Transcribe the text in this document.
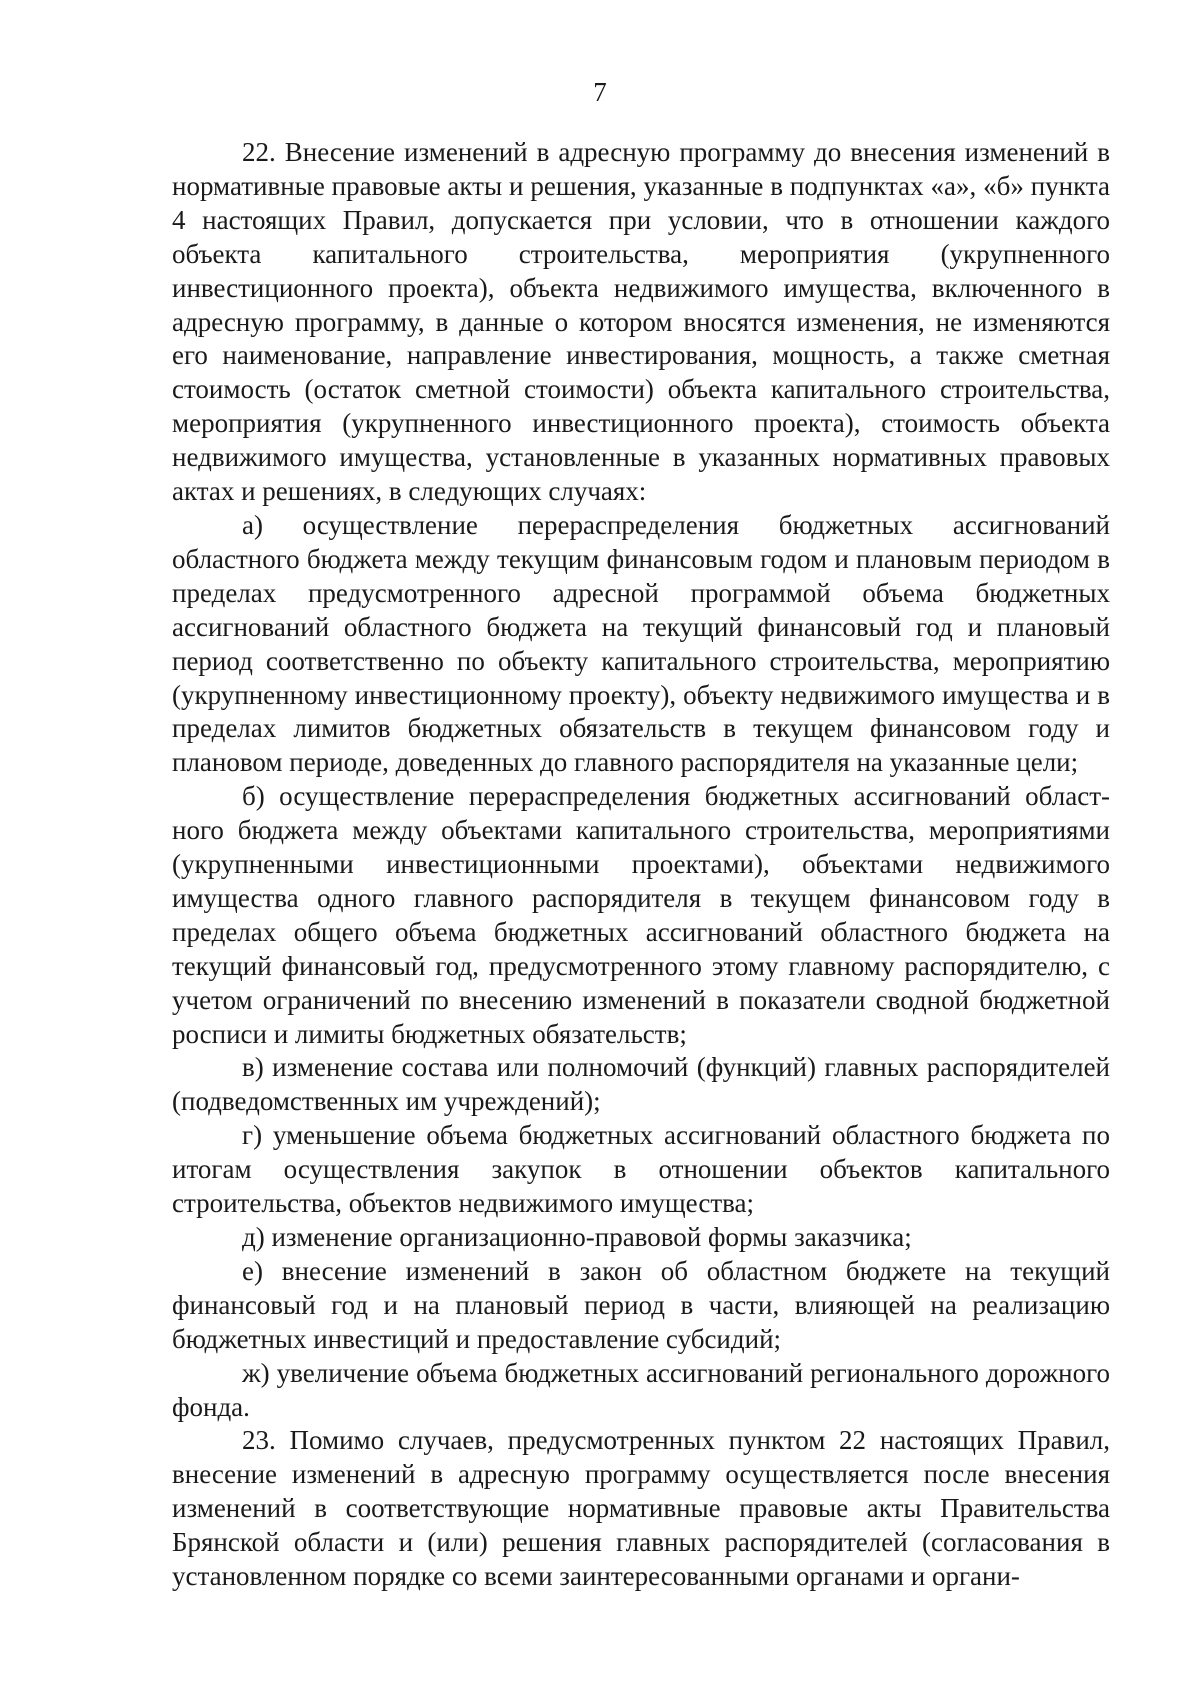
7

22. Внесение изменений в адресную программу до внесения изменений в нормативные правовые акты и решения, указанные в подпунктах «а», «б» пункта 4 настоящих Правил, допускается при условии, что в отношении каждого объекта капитального строительства, мероприятия (укрупненного инвестиционного проекта), объекта недвижимого имущества, включенного в адресную программу, в данные о котором вносятся изменения, не изменяются его наименование, направление инвестирования, мощность, а также сметная стоимость (остаток сметной стоимости) объекта капитального строительства, мероприятия (укрупненного инвестиционного проекта), стоимость объекта недвижимого имущества, установленные в указанных нормативных правовых актах и решениях, в следующих случаях:

а) осуществление перераспределения бюджетных ассигнований областного бюджета между текущим финансовым годом и плановым периодом в пределах предусмотренного адресной программой объема бюджетных ассигнований областного бюджета на текущий финансовый год и плановый период соответственно по объекту капитального строительства, мероприятию (укрупненному инвестиционному проекту), объекту недвижимого имущества и в пределах лимитов бюджетных обязательств в текущем финансовом году и плановом периоде, доведенных до главного распорядителя на указанные цели;

б) осуществление перераспределения бюджетных ассигнований областного бюджета между объектами капитального строительства, мероприятиями (укрупненными инвестиционными проектами), объектами недвижимого имущества одного главного распорядителя в текущем финансовом году в пределах общего объема бюджетных ассигнований областного бюджета на текущий финансовый год, предусмотренного этому главному распорядителю, с учетом ограничений по внесению изменений в показатели сводной бюджетной росписи и лимиты бюджетных обязательств;

в) изменение состава или полномочий (функций) главных распорядителей (подведомственных им учреждений);

г) уменьшение объема бюджетных ассигнований областного бюджета по итогам осуществления закупок в отношении объектов капитального строительства, объектов недвижимого имущества;

д) изменение организационно-правовой формы заказчика;

е) внесение изменений в закон об областном бюджете на текущий финансовый год и на плановый период в части, влияющей на реализацию бюджетных инвестиций и предоставление субсидий;

ж) увеличение объема бюджетных ассигнований регионального дорожного фонда.

23. Помимо случаев, предусмотренных пунктом 22 настоящих Правил, внесение изменений в адресную программу осуществляется после внесения изменений в соответствующие нормативные правовые акты Правительства Брянской области и (или) решения главных распорядителей (согласования в установленном порядке со всеми заинтересованными органами и органи-
